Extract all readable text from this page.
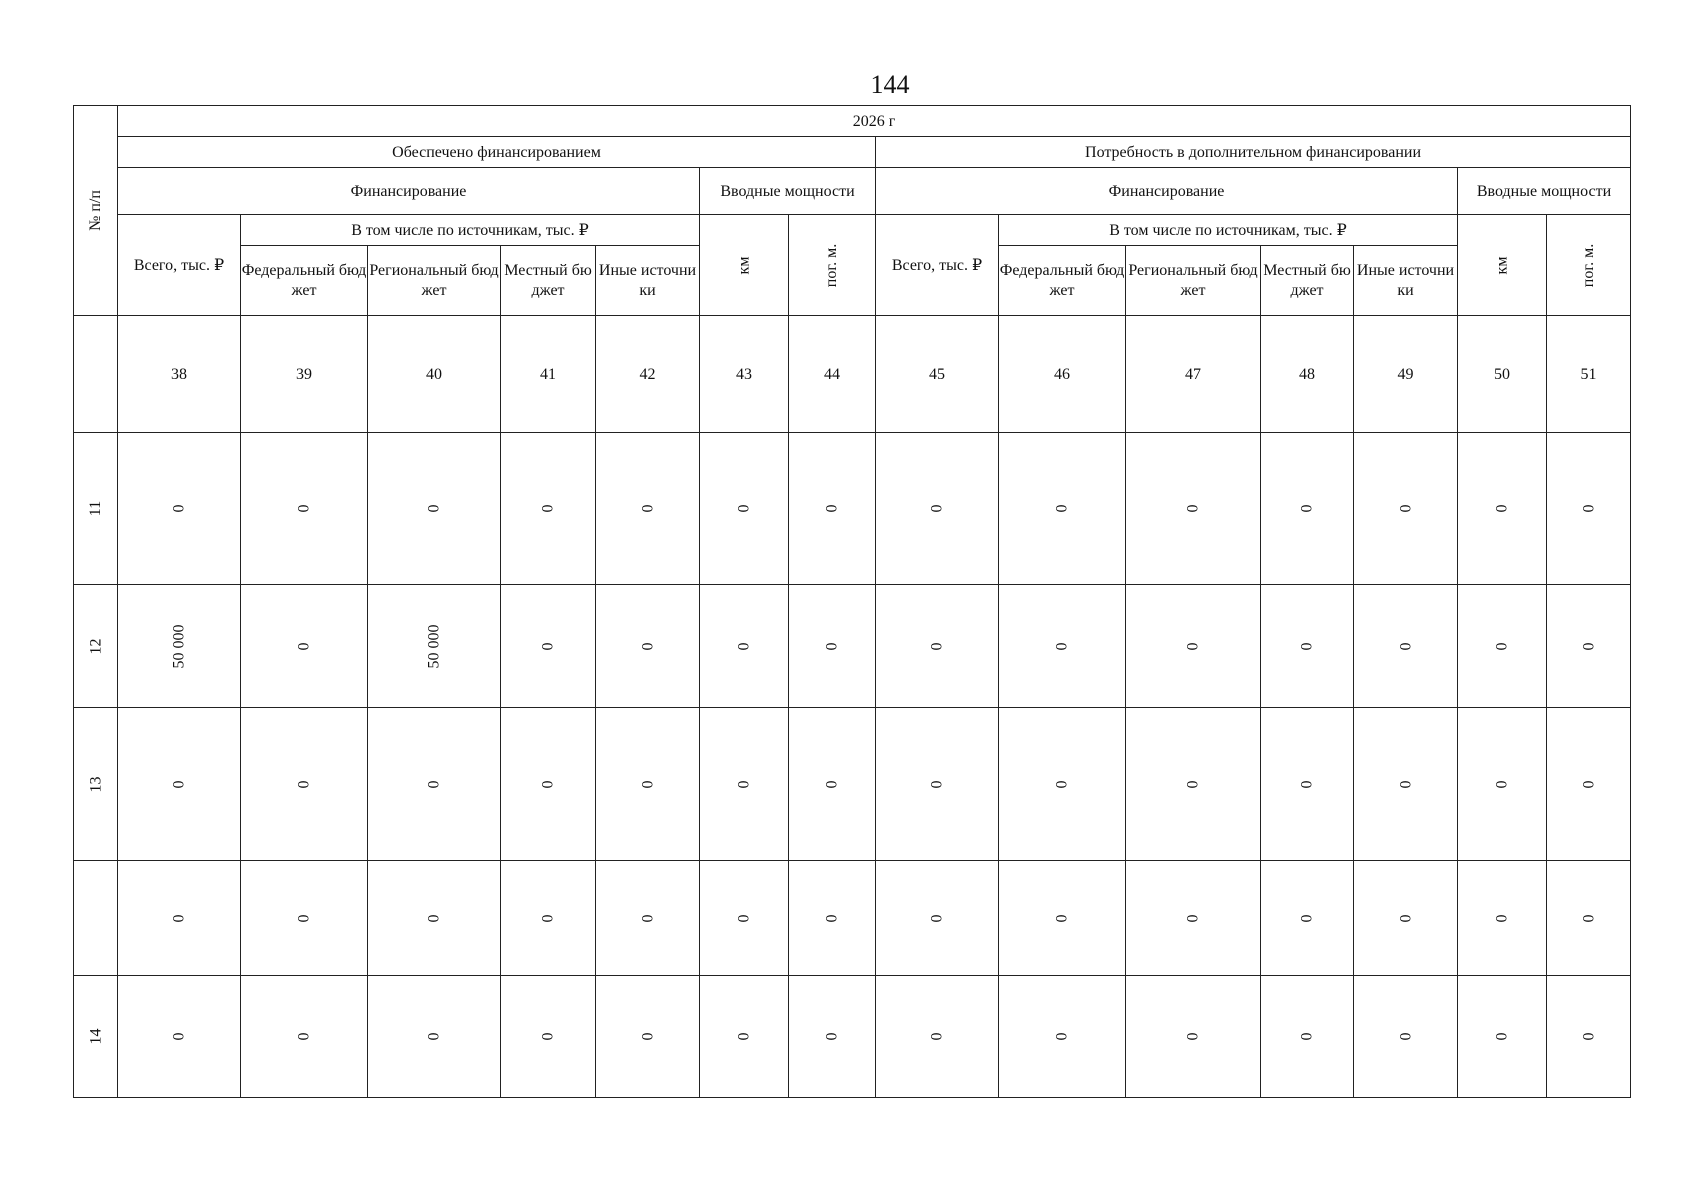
144
№ п/п	2026 г													
	Обеспечено финансированием							Потребность в дополнительном финансировании						
	Финансирование					Вводные мощности		Финансирование					Вводные мощности	
	Всего, тыс. ₽	В том числе по источникам, тыс. ₽				км	пог. м.	Всего, тыс. ₽	В том числе по источникам, тыс. ₽				км	пог. м.

		Федеральный бюджет	Региональный бюджет	Местный бюджет	Иные источники				Федеральный бюджет	Региональный бюджет	Местный бюджет	Иные источники		

	38	39	40	41	42	43	44	45	46	47	48	49	50	51
11	0	0	0	0	0	0	0	0	0	0	0	0	0	0
12	50 000	0	50 000	0	0	0	0	0	0	0	0	0	0	0
13	0	0	0	0	0	0	0	0	0	0	0	0	0	0
	0	0	0	0	0	0	0	0	0	0	0	0	0	0
14	0	0	0	0	0	0	0	0	0	0	0	0	0	0
